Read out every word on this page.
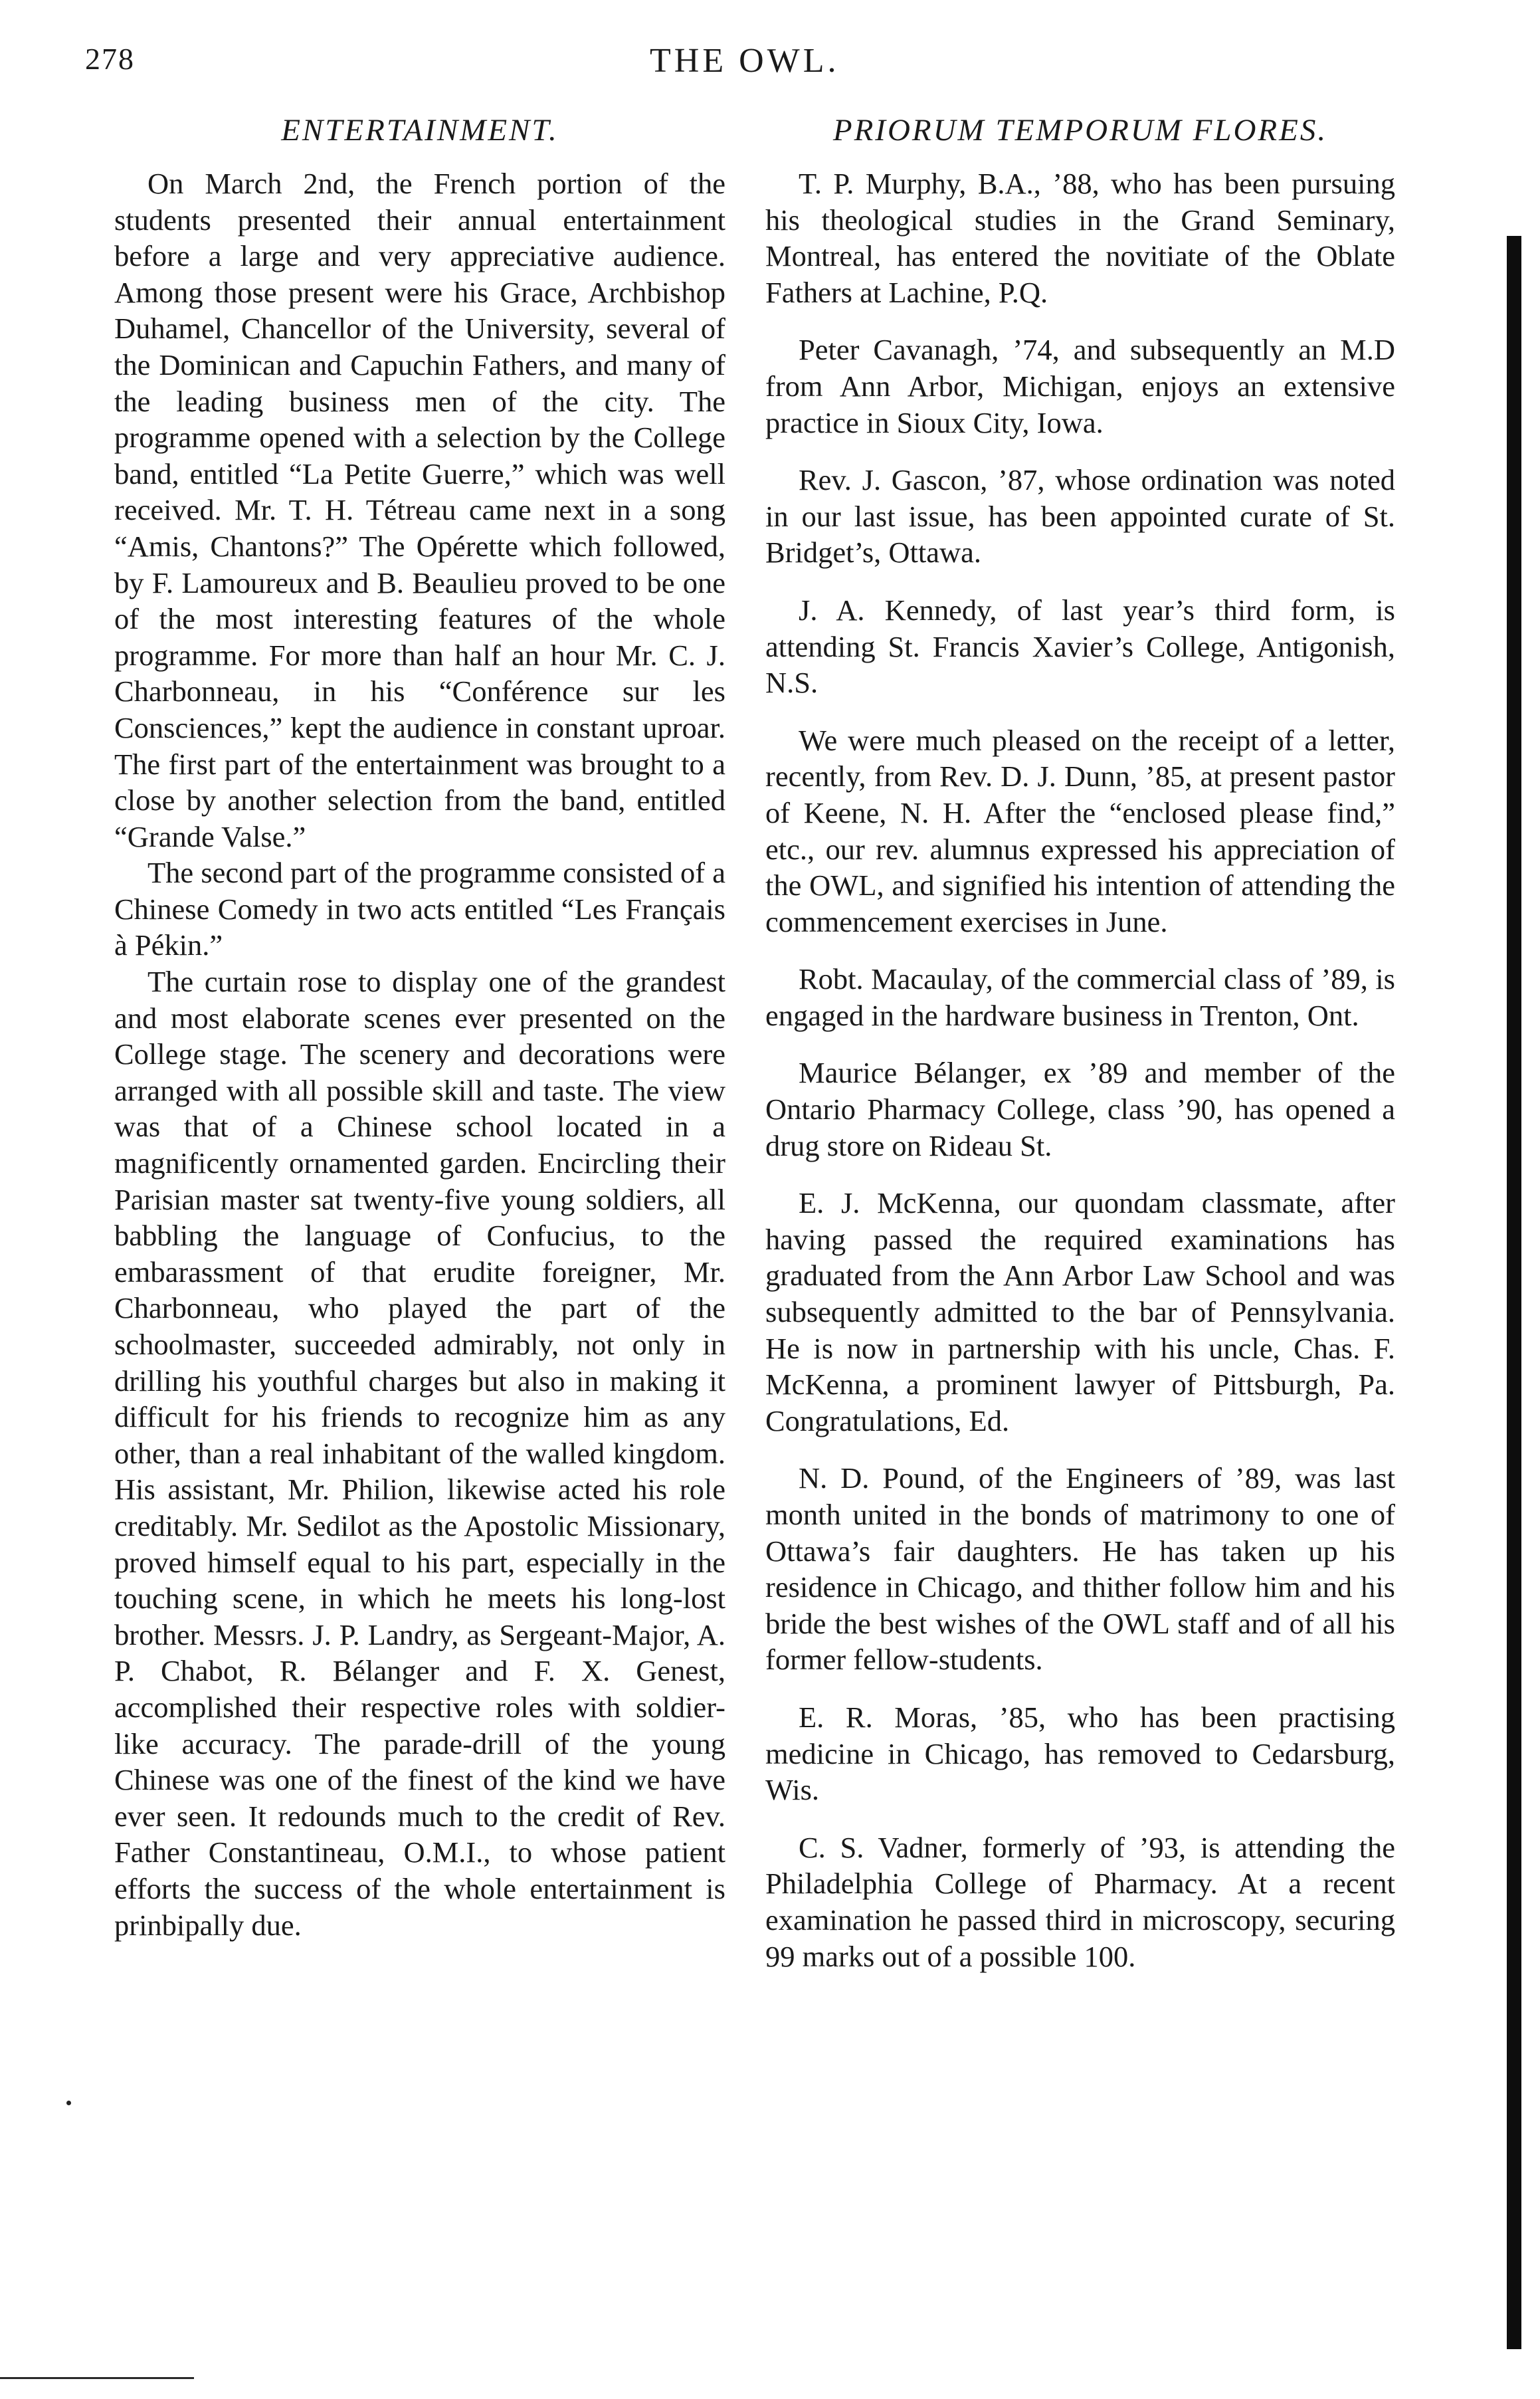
278	THE OWL.
ENTERTAINMENT.

On March 2nd, the French portion of the students presented their annual entertainment before a large and very appreciative audience. Among those present were his Grace, Archbishop Duhamel, Chancellor of the University, several of the Dominican and Capuchin Fathers, and many of the leading business men of the city. The programme opened with a selection by the College band, entitled “La Petite Guerre,” which was well received. Mr. T. H. Tétreau came next in a song “Amis, Chantons?” The Opérette which followed, by F. Lamoureux and B. Beaulieu proved to be one of the most interesting features of the whole programme. For more than half an hour Mr. C. J. Charbonneau, in his “Conférence sur les Consciences,” kept the audience in constant uproar. The first part of the entertainment was brought to a close by another selection from the band, entitled “Grande Valse.”

The second part of the programme consisted of a Chinese Comedy in two acts entitled “Les Français à Pékin.”

The curtain rose to display one of the grandest and most elaborate scenes ever presented on the College stage. The scenery and decorations were arranged with all possible skill and taste. The view was that of a Chinese school located in a magnificently ornamented garden. Encircling their Parisian master sat twenty-five young soldiers, all babbling the language of Confucius, to the embarassment of that erudite foreigner, Mr. Charbonneau, who played the part of the schoolmaster, succeeded admirably, not only in drilling his youthful charges but also in making it difficult for his friends to recognize him as any other, than a real inhabitant of the walled kingdom. His assistant, Mr. Philion, likewise acted his role creditably. Mr. Sedilot as the Apostolic Missionary, proved himself equal to his part, especially in the touching scene, in which he meets his long-lost brother. Messrs. J. P. Landry, as Sergeant-Major, A. P. Chabot, R. Bélanger and F. X. Genest, accomplished their respective roles with soldier-like accuracy. The parade-drill of the young Chinese was one of the finest of the kind we have ever seen. It redounds much to the credit of Rev. Father Constantineau, O.M.I., to whose patient efforts the success of the whole entertainment is prinbipally due.

PRIORUM TEMPORUM FLORES.

T. P. Murphy, B.A., ’88, who has been pursuing his theological studies in the Grand Seminary, Montreal, has entered the novitiate of the Oblate Fathers at Lachine, P.Q.

Peter Cavanagh, ’74, and subsequently an M.D from Ann Arbor, Michigan, enjoys an extensive practice in Sioux City, Iowa.

Rev. J. Gascon, ’87, whose ordination was noted in our last issue, has been appointed curate of St. Bridget’s, Ottawa.

J. A. Kennedy, of last year’s third form, is attending St. Francis Xavier’s College, Antigonish, N.S.

We were much pleased on the receipt of a letter, recently, from Rev. D. J. Dunn, ’85, at present pastor of Keene, N. H. After the “enclosed please find,” etc., our rev. alumnus expressed his appreciation of the OWL, and signified his intention of attending the commencement exercises in June.

Robt. Macaulay, of the commercial class of ’89, is engaged in the hardware business in Trenton, Ont.

Maurice Bélanger, ex ’89 and member of the Ontario Pharmacy College, class ’90, has opened a drug store on Rideau St.

E. J. McKenna, our quondam classmate, after having passed the required examinations has graduated from the Ann Arbor Law School and was subsequently admitted to the bar of Pennsylvania. He is now in partnership with his uncle, Chas. F. McKenna, a prominent lawyer of Pittsburgh, Pa. Congratulations, Ed.

N. D. Pound, of the Engineers of ’89, was last month united in the bonds of matrimony to one of Ottawa’s fair daughters. He has taken up his residence in Chicago, and thither follow him and his bride the best wishes of the OWL staff and of all his former fellow-students.

E. R. Moras, ’85, who has been practising medicine in Chicago, has removed to Cedarsburg, Wis.

C. S. Vadner, formerly of ’93, is attending the Philadelphia College of Pharmacy. At a recent examination he passed third in microscopy, securing 99 marks out of a possible 100.
